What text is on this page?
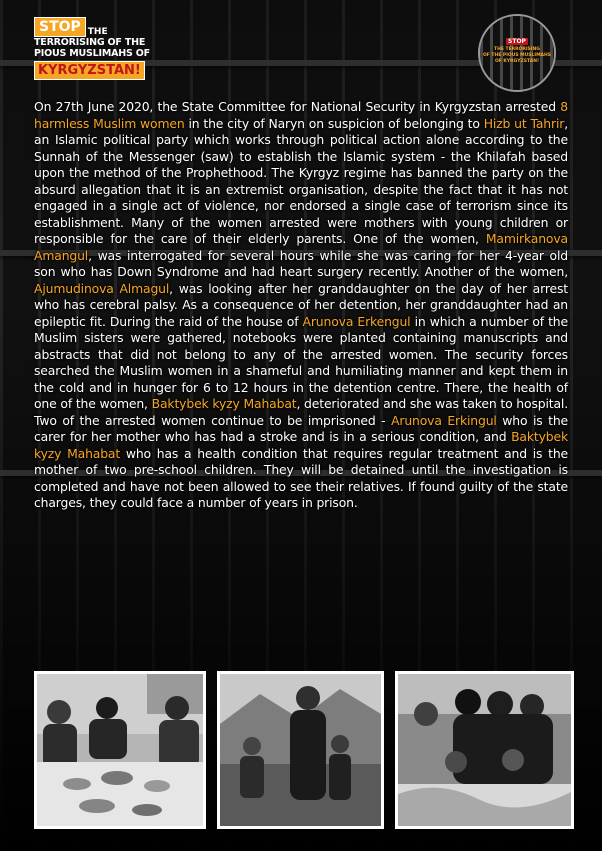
STOP THE
TERRORISING OF THE
PIOUS MUSLIMAHS OF
KYRGYZSTAN!
STOP
THE TERRORISING
OF THE PIOUS MUSLIMAHS
OF KYRGYZSTAN!
On 27th June 2020, the State Committee for National Security in Kyrgyzstan arrested 8 harmless Muslim women in the city of Naryn on suspicion of belonging to Hizb ut Tahrir, an Islamic political party which works through political action alone according to the Sunnah of the Messenger (saw) to establish the Islamic system - the Khilafah based upon the method of the Prophethood. The Kyrgyz regime has banned the party on the absurd allegation that it is an extremist organisation, despite the fact that it has not engaged in a single act of violence, nor endorsed a single case of terrorism since its establishment. Many of the women arrested were mothers with young children or responsible for the care of their elderly parents. One of the women, Mamirkanova Amangul, was interrogated for several hours while she was caring for her 4-year old son who has Down Syndrome and had heart surgery recently. Another of the women, Ajumudinova Almagul, was looking after her granddaughter on the day of her arrest who has cerebral palsy. As a consequence of her detention, her granddaughter had an epileptic fit. During the raid of the house of Arunova Erkengul in which a number of the Muslim sisters were gathered, notebooks were planted containing manuscripts and abstracts that did not belong to any of the arrested women. The security forces searched the Muslim women in a shameful and humiliating manner and kept them in the cold and in hunger for 6 to 12 hours in the detention centre. There, the health of one of the women, Baktybek kyzy Mahabat, deteriorated and she was taken to hospital. Two of the arrested women continue to be imprisoned - Arunova Erkingul who is the carer for her mother who has had a stroke and is in a serious condition, and Baktybek kyzy Mahabat who has a health condition that requires regular treatment and is the mother of two pre-school children. They will be detained until the investigation is completed and have not been allowed to see their relatives. If found guilty of the state charges, they could face a number of years in prison.
